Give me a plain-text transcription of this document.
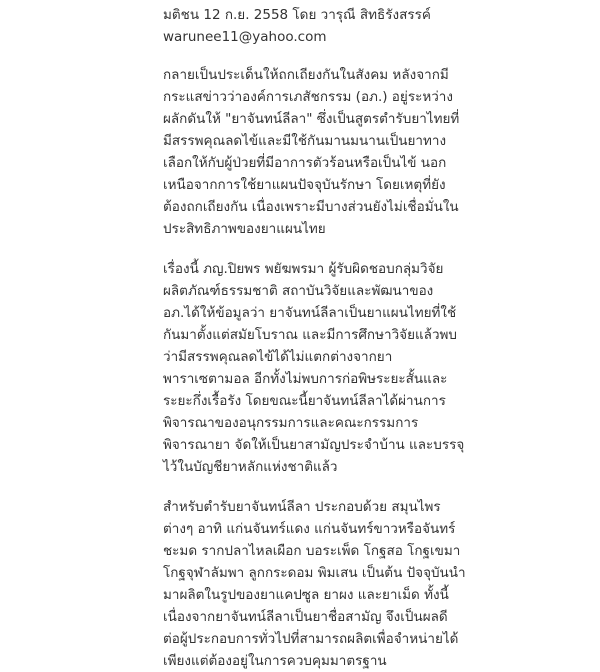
มติชน 12 ก.ย. 2558 โดย วารุณี สิทธิรังสรรค์
warunee11@yahoo.com

กลายเป็นประเด็นให้ถกเถียงกันในสังคม หลังจากมี
กระแสข่าวว่าองค์การเภสัชกรรม (อภ.) อยู่ระหว่าง
ผลักดันให้ "ยาจันทน์ลีลา" ซึ่งเป็นสูตรตำรับยาไทยที่
มีสรรพคุณลดไข้และมีใช้กันมานมนานเป็นยาทาง
เลือกให้กับผู้ป่วยที่มีอาการตัวร้อนหรือเป็นไข้ นอก
เหนือจากการใช้ยาแผนปัจจุบันรักษา โดยเหตุที่ยัง
ต้องถกเถียงกัน เนื่องเพราะมีบางส่วนยังไม่เชื่อมั่นใน
ประสิทธิภาพของยาแผนไทย

เรื่องนี้ ภญ.ปิยพร พยัฆพรมา ผู้รับผิดชอบกลุ่มวิจัย
ผลิตภัณฑ์ธรรมชาติ สถาบันวิจัยและพัฒนาของ
อภ.ได้ให้ข้อมูลว่า ยาจันทน์ลีลาเป็นยาแผนไทยที่ใช้
กันมาตั้งแต่สมัยโบราณ และมีการศึกษาวิจัยแล้วพบ
ว่ามีสรรพคุณลดไข้ได้ไม่แตกต่างจากยา
พาราเซตามอล อีกทั้งไม่พบการก่อพิษระยะสั้นและ
ระยะกึ่งเรื้อรัง โดยขณะนี้ยาจันทน์ลีลาได้ผ่านการ
พิจารณาของอนุกรรมการและคณะกรรมการ
พิจารณายา จัดให้เป็นยาสามัญประจำบ้าน และบรรจุ
ไว้ในบัญชียาหลักแห่งชาติแล้ว

สำหรับตำรับยาจันทน์ลีลา ประกอบด้วย สมุนไพร
ต่างๆ อาทิ แก่นจันทร์แดง แก่นจันทร์ขาวหรือจันทร์
ชะมด รากปลาไหลเผือก บอระเพ็ด โกฐสอ โกฐเขมา
โกฐจุฬาลัมพา ลูกกระดอม พิมเสน เป็นต้น ปัจจุบันนำ
มาผลิตในรูปของยาแคปซูล ยาผง และยาเม็ด ทั้งนี้
เนื่องจากยาจันทน์ลีลาเป็นยาชื่อสามัญ จึงเป็นผลดี
ต่อผู้ประกอบการทั่วไปที่สามารถผลิตเพื่อจำหน่ายได้
เพียงแต่ต้องอยู่ในการควบคุมมาตรฐาน
